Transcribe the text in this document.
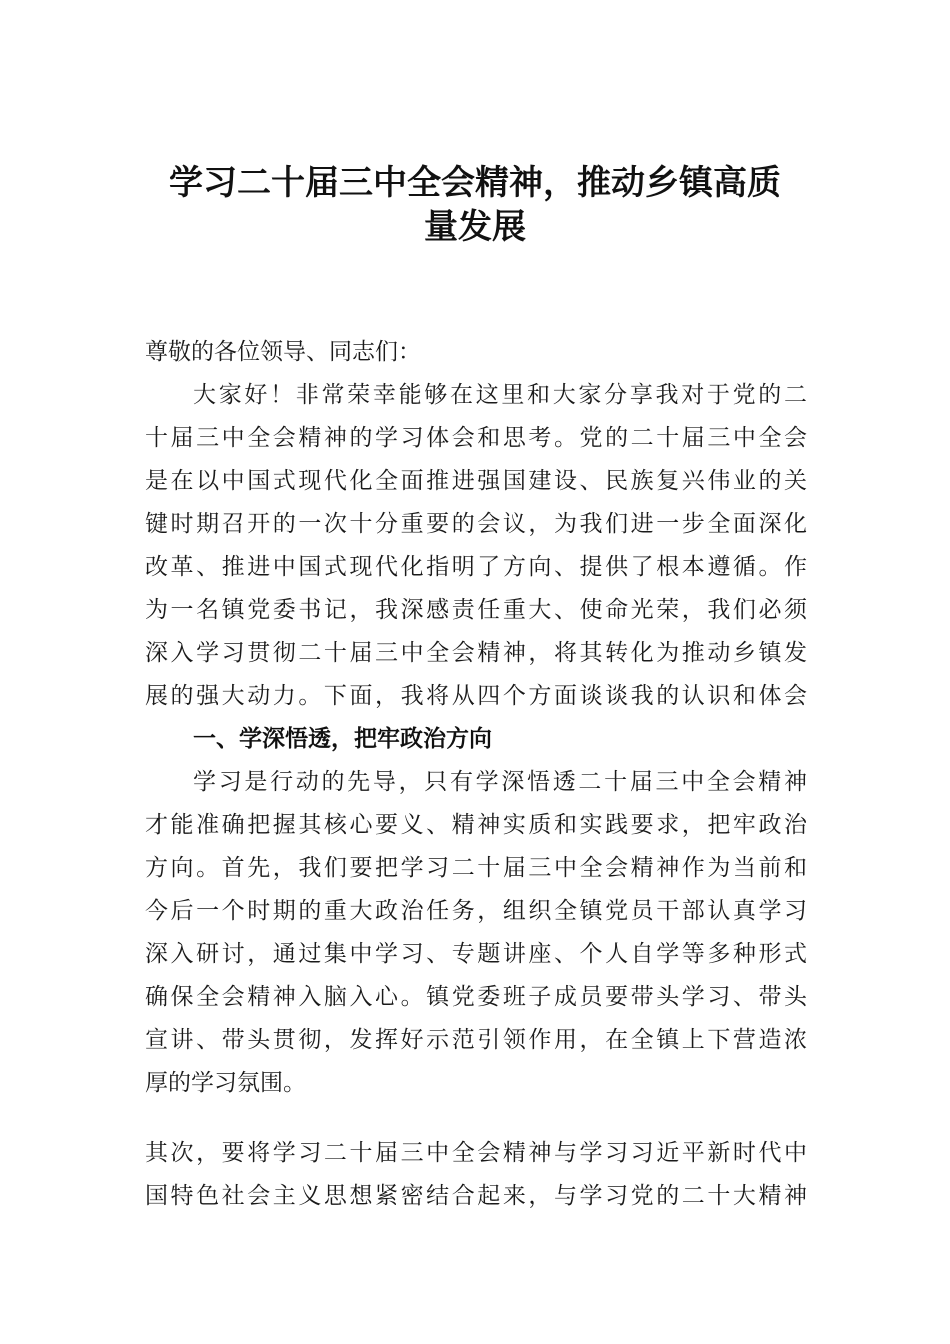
学习二十届三中全会精神，推动乡镇高质
量发展
尊敬的各位领导、同志们：
大家好！非常荣幸能够在这里和大家分享我对于党的二
十届三中全会精神的学习体会和思考。党的二十届三中全会
是在以中国式现代化全面推进强国建设、民族复兴伟业的关
键时期召开的一次十分重要的会议，为我们进一步全面深化
改革、推进中国式现代化指明了方向、提供了根本遵循。作
为一名镇党委书记，我深感责任重大、使命光荣，我们必须
深入学习贯彻二十届三中全会精神，将其转化为推动乡镇发
展的强大动力。下面，我将从四个方面谈谈我的认识和体会
一、学深悟透，把牢政治方向
学习是行动的先导，只有学深悟透二十届三中全会精神
才能准确把握其核心要义、精神实质和实践要求，把牢政治
方向。首先，我们要把学习二十届三中全会精神作为当前和
今后一个时期的重大政治任务，组织全镇党员干部认真学习
深入研讨，通过集中学习、专题讲座、个人自学等多种形式
确保全会精神入脑入心。镇党委班子成员要带头学习、带头
宣讲、带头贯彻，发挥好示范引领作用，在全镇上下营造浓
厚的学习氛围。
其次，要将学习二十届三中全会精神与学习习近平新时代中
国特色社会主义思想紧密结合起来，与学习党的二十大精神
